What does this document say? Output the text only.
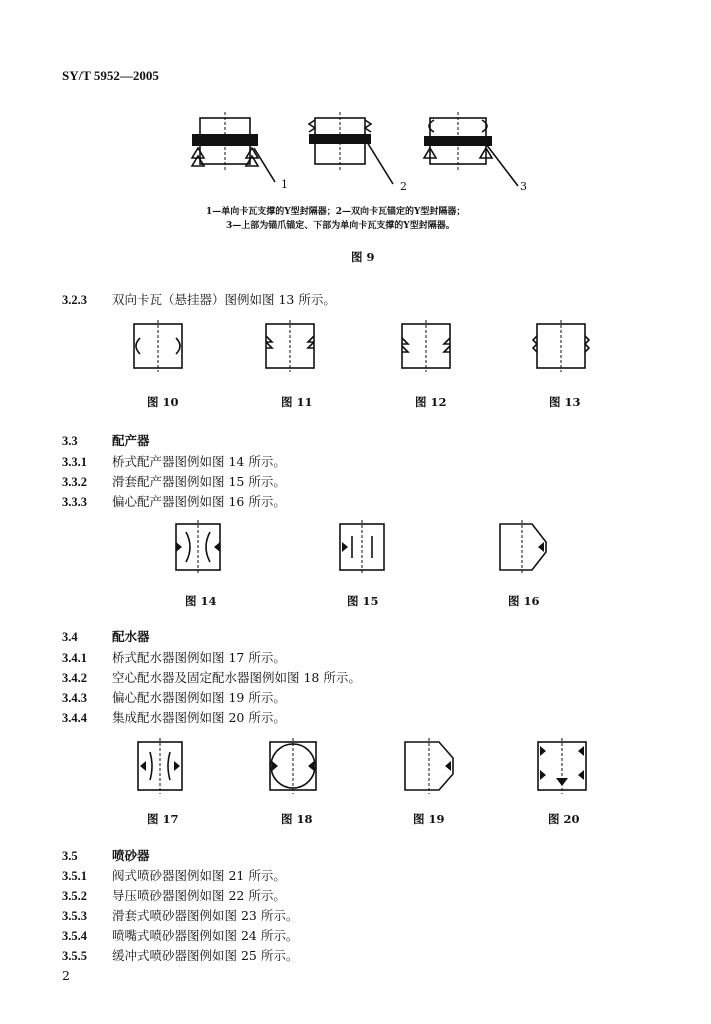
SY/T 5952—2005
1	2	3
1—单向卡瓦支撑的Y型封隔器；2—双向卡瓦锚定的Y型封隔器；
3—上部为锚爪锚定、下部为单向卡瓦支撑的Y型封隔器。
图 9
3.2.3 双向卡瓦（悬挂器）图例如图 13 所示。
图 10	图 11	图 12	图 13
3.3	配产器
3.3.1 桥式配产器图例如图 14 所示。
3.3.2 滑套配产器图例如图 15 所示。
3.3.3 偏心配产器图例如图 16 所示。
图 14	图 15	图 16
3.4	配水器
3.4.1 桥式配水器图例如图 17 所示。
3.4.2 空心配水器及固定配水器图例如图 18 所示。
3.4.3 偏心配水器图例如图 19 所示。
3.4.4 集成配水器图例如图 20 所示。
图 17	图 18	图 19	图 20
3.5	喷砂器
3.5.1 阀式喷砂器图例如图 21 所示。
3.5.2 导压喷砂器图例如图 22 所示。
3.5.3 滑套式喷砂器图例如图 23 所示。
3.5.4 喷嘴式喷砂器图例如图 24 所示。
3.5.5 缓冲式喷砂器图例如图 25 所示。
2
